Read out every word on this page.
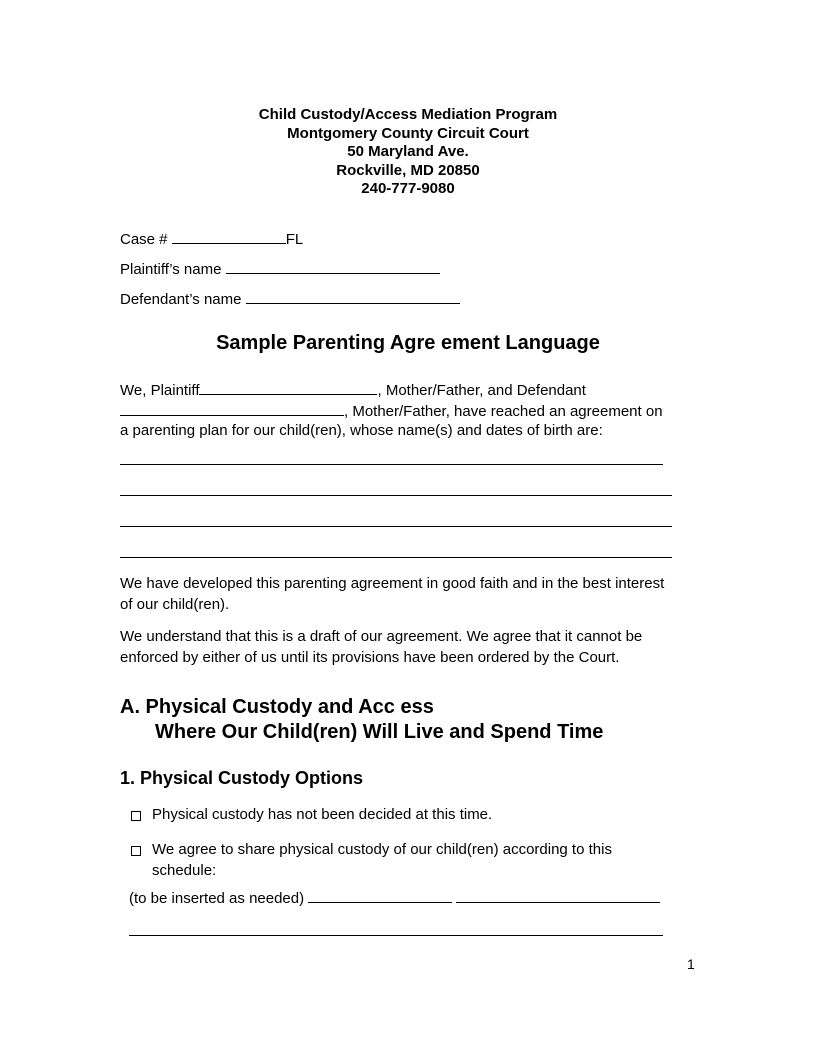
Child Custody/Access Mediation Program
Montgomery County Circuit Court
50 Maryland Ave.
Rockville, MD 20850
240-777-9080
Case #	FL
Plaintiff’s name
Defendant’s name
Sample Parenting Agre ement Language
We, Plaintiff	, Mother/Father, and Defendant
, Mother/Father, have reached an agreement on
a parenting plan for our child(ren), whose name(s) and dates of birth are:
We have developed this parenting agreement in good faith and in the best interest of our child(ren).
We understand that this is a draft of our agreement. We agree that it cannot be enforced by either of us until its provisions have been ordered by the Court.
A. Physical Custody and Acc ess
Where Our Child(ren) Will Live and Spend Time
1. Physical Custody Options
Physical custody has not been decided at this time.
We agree to share physical custody of our child(ren) according to this schedule:
(to be inserted as needed)
1
